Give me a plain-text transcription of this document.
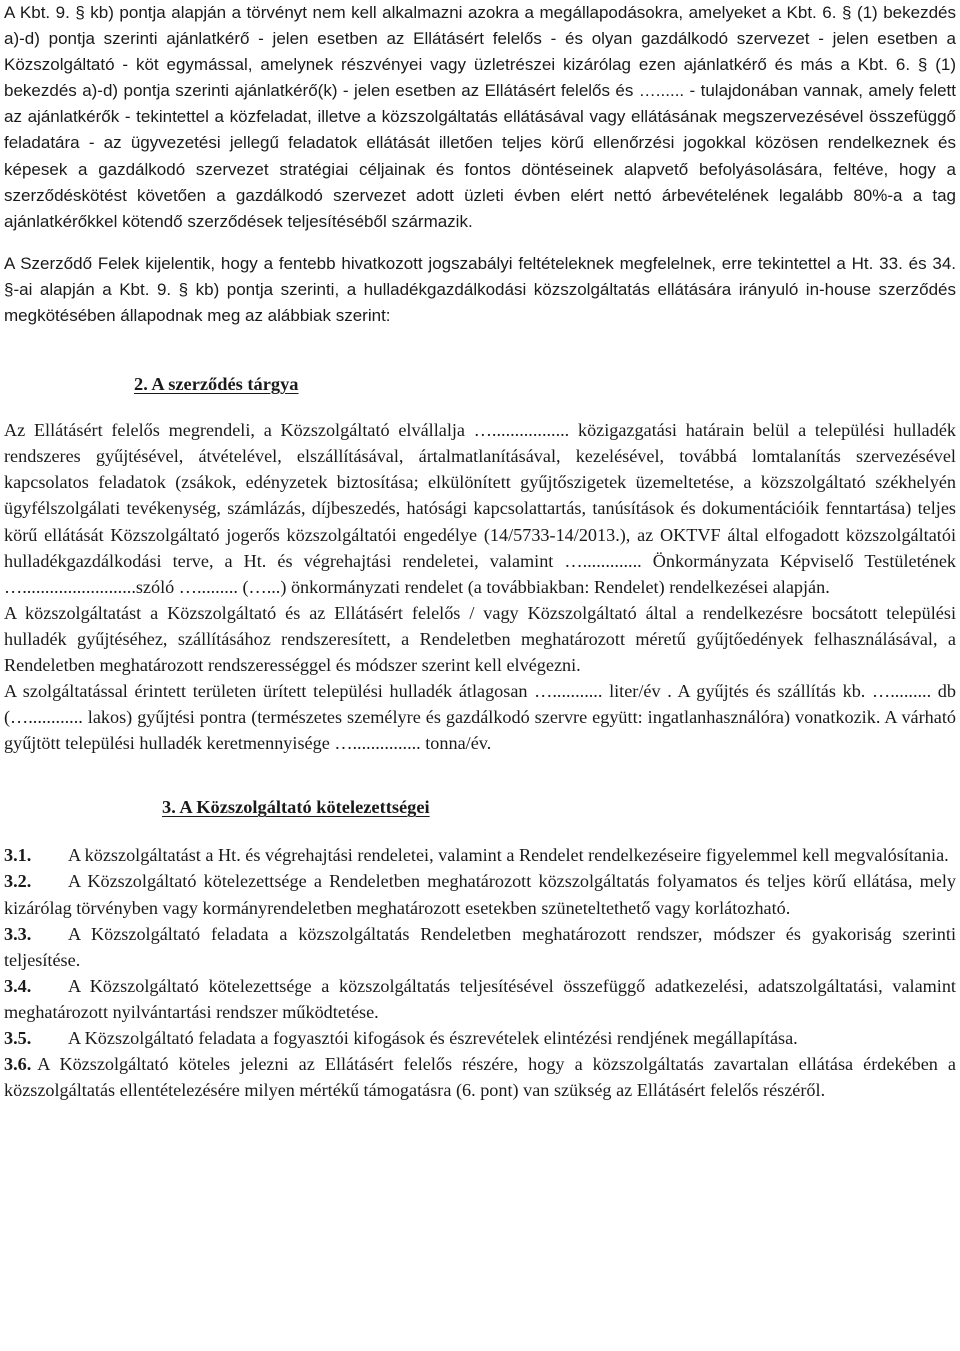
A Kbt. 9. § kb) pontja alapján a törvényt nem kell alkalmazni azokra a megállapodásokra, amelyeket a Kbt. 6. § (1) bekezdés a)-d) pontja szerinti ajánlatkérő - jelen esetben az Ellátásért felelős - és olyan gazdálkodó szervezet - jelen esetben a Közszolgáltató - köt egymással, amelynek részvényei vagy üzletrészei kizárólag ezen ajánlatkérő és más a Kbt. 6. § (1) bekezdés a)-d) pontja szerinti ajánlatkérő(k) - jelen esetben az Ellátásért felelős és …...... - tulajdonában vannak, amely felett az ajánlatkérők - tekintettel a közfeladat, illetve a közszolgáltatás ellátásával vagy ellátásának megszervezésével összefüggő feladatára - az ügyvezetési jellegű feladatok ellátását illetően teljes körű ellenőrzési jogokkal közösen rendelkeznek és képesek a gazdálkodó szervezet stratégiai céljainak és fontos döntéseinek alapvető befolyásolására, feltéve, hogy a szerződéskötést követően a gazdálkodó szervezet adott üzleti évben elért nettó árbevételének legalább 80%-a a tag ajánlatkérőkkel kötendő szerződések teljesítéséből származik.

A Szerződő Felek kijelentik, hogy a fentebb hivatkozott jogszabályi feltételeknek megfelelnek, erre tekintettel a Ht. 33. és 34. §-ai alapján a Kbt. 9. § kb) pontja szerinti, a hulladékgazdálkodási közszolgáltatás ellátására irányuló in-house szerződés megkötésében állapodnak meg az alábbiak szerint:

2. A szerződés tárgya

Az Ellátásért felelős megrendeli, a Közszolgáltató elvállalja …................. közigazgatási határain belül a települési hulladék rendszeres gyűjtésével, átvételével, elszállításával, ártalmatlanításával, kezelésével, továbbá lomtalanítás szervezésével kapcsolatos feladatok (zsákok, edényzetek biztosítása; elkülönített gyűjtőszigetek üzemeltetése, a közszolgáltató székhelyén ügyfélszolgálati tevékenység, számlázás, díjbeszedés, hatósági kapcsolattartás, tanúsítások és dokumentációik fenntartása) teljes körű ellátását Közszolgáltató jogerős közszolgáltatói engedélye (14/5733-14/2013.), az OKTVF által elfogadott közszolgáltatói hulladékgazdálkodási terve, a Ht. és végrehajtási rendeletei, valamint …............. Önkormányzata Képviselő Testületének ….........................szóló …......... (…...) önkormányzati rendelet (a továbbiakban: Rendelet) rendelkezései alapján.

A közszolgáltatást a Közszolgáltató és az Ellátásért felelős / vagy Közszolgáltató által a rendelkezésre bocsátott települési hulladék gyűjtéséhez, szállításához rendszeresített, a Rendeletben meghatározott méretű gyűjtőedények felhasználásával, a Rendeletben meghatározott rendszerességgel és módszer szerint kell elvégezni.

A szolgáltatással érintett területen ürített települési hulladék átlagosan …........... liter/év . A gyűjtés és szállítás kb. …......... db (…............ lakos) gyűjtési pontra (természetes személyre és gazdálkodó szervre együtt: ingatlanhasználóra) vonatkozik. A várható gyűjtött települési hulladék keretmennyisége …............... tonna/év.

3. A Közszolgáltató kötelezettségei

3.1. A közszolgáltatást a Ht. és végrehajtási rendeletei, valamint a Rendelet rendelkezéseire figyelemmel kell megvalósítania.

3.2. A Közszolgáltató kötelezettsége a Rendeletben meghatározott közszolgáltatás folyamatos és teljes körű ellátása, mely kizárólag törvényben vagy kormányrendeletben meghatározott esetekben szüneteltethető vagy korlátozható.

3.3. A Közszolgáltató feladata a közszolgáltatás Rendeletben meghatározott rendszer, módszer és gyakoriság szerinti teljesítése.

3.4. A Közszolgáltató kötelezettsége a közszolgáltatás teljesítésével összefüggő adatkezelési, adatszolgáltatási, valamint meghatározott nyilvántartási rendszer működtetése.

3.5. A Közszolgáltató feladata a fogyasztói kifogások és észrevételek elintézési rendjének megállapítása.

3.6. A Közszolgáltató köteles jelezni az Ellátásért felelős részére, hogy a közszolgáltatás zavartalan ellátása érdekében a közszolgáltatás ellentételezésére milyen mértékű támogatásra (6. pont) van szükség az Ellátásért felelős részéről.
